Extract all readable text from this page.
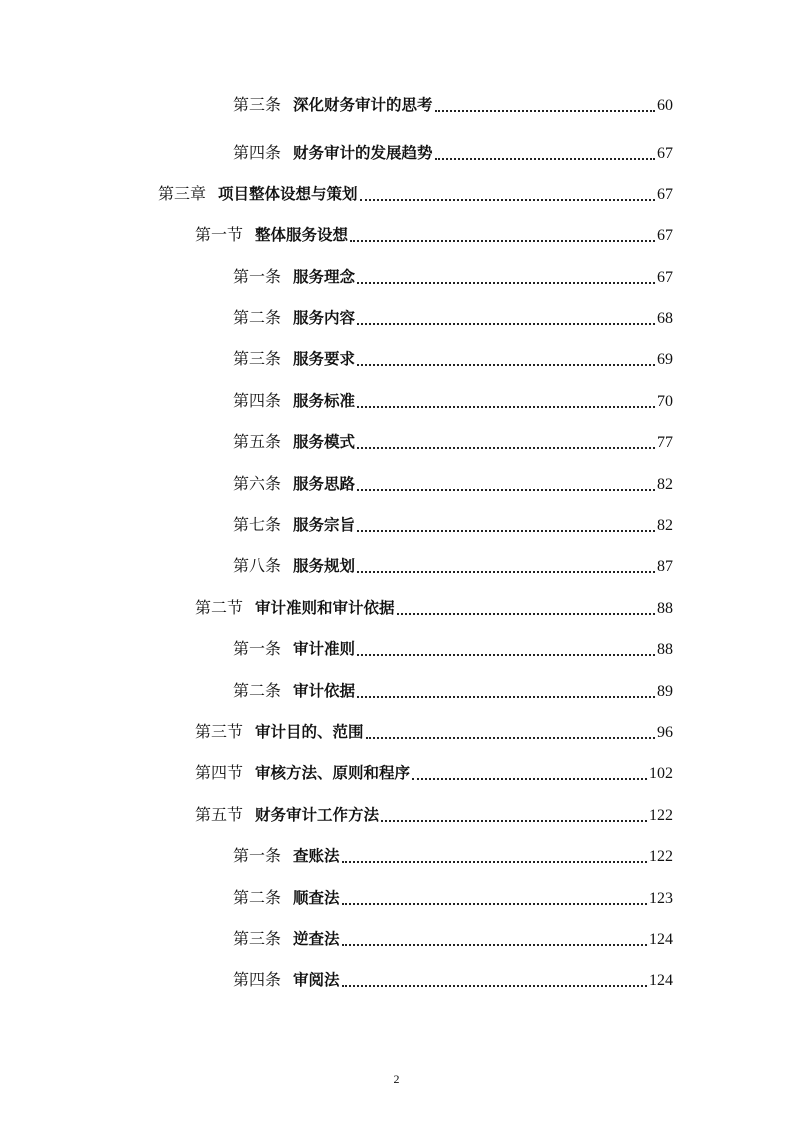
第三条 深化财务审计的思考	60
第四条 财务审计的发展趋势	67
第三章 项目整体设想与策划	67
第一节 整体服务设想	67
第一条 服务理念	67
第二条 服务内容	68
第三条 服务要求	69
第四条 服务标准	70
第五条 服务模式	77
第六条 服务思路	82
第七条 服务宗旨	82
第八条 服务规划	87
第二节 审计准则和审计依据	88
第一条 审计准则	88
第二条 审计依据	89
第三节 审计目的、范围	96
第四节 审核方法、原则和程序	102
第五节 财务审计工作方法	122
第一条 查账法	122
第二条 顺查法	123
第三条 逆查法	124
第四条 审阅法	124
2
